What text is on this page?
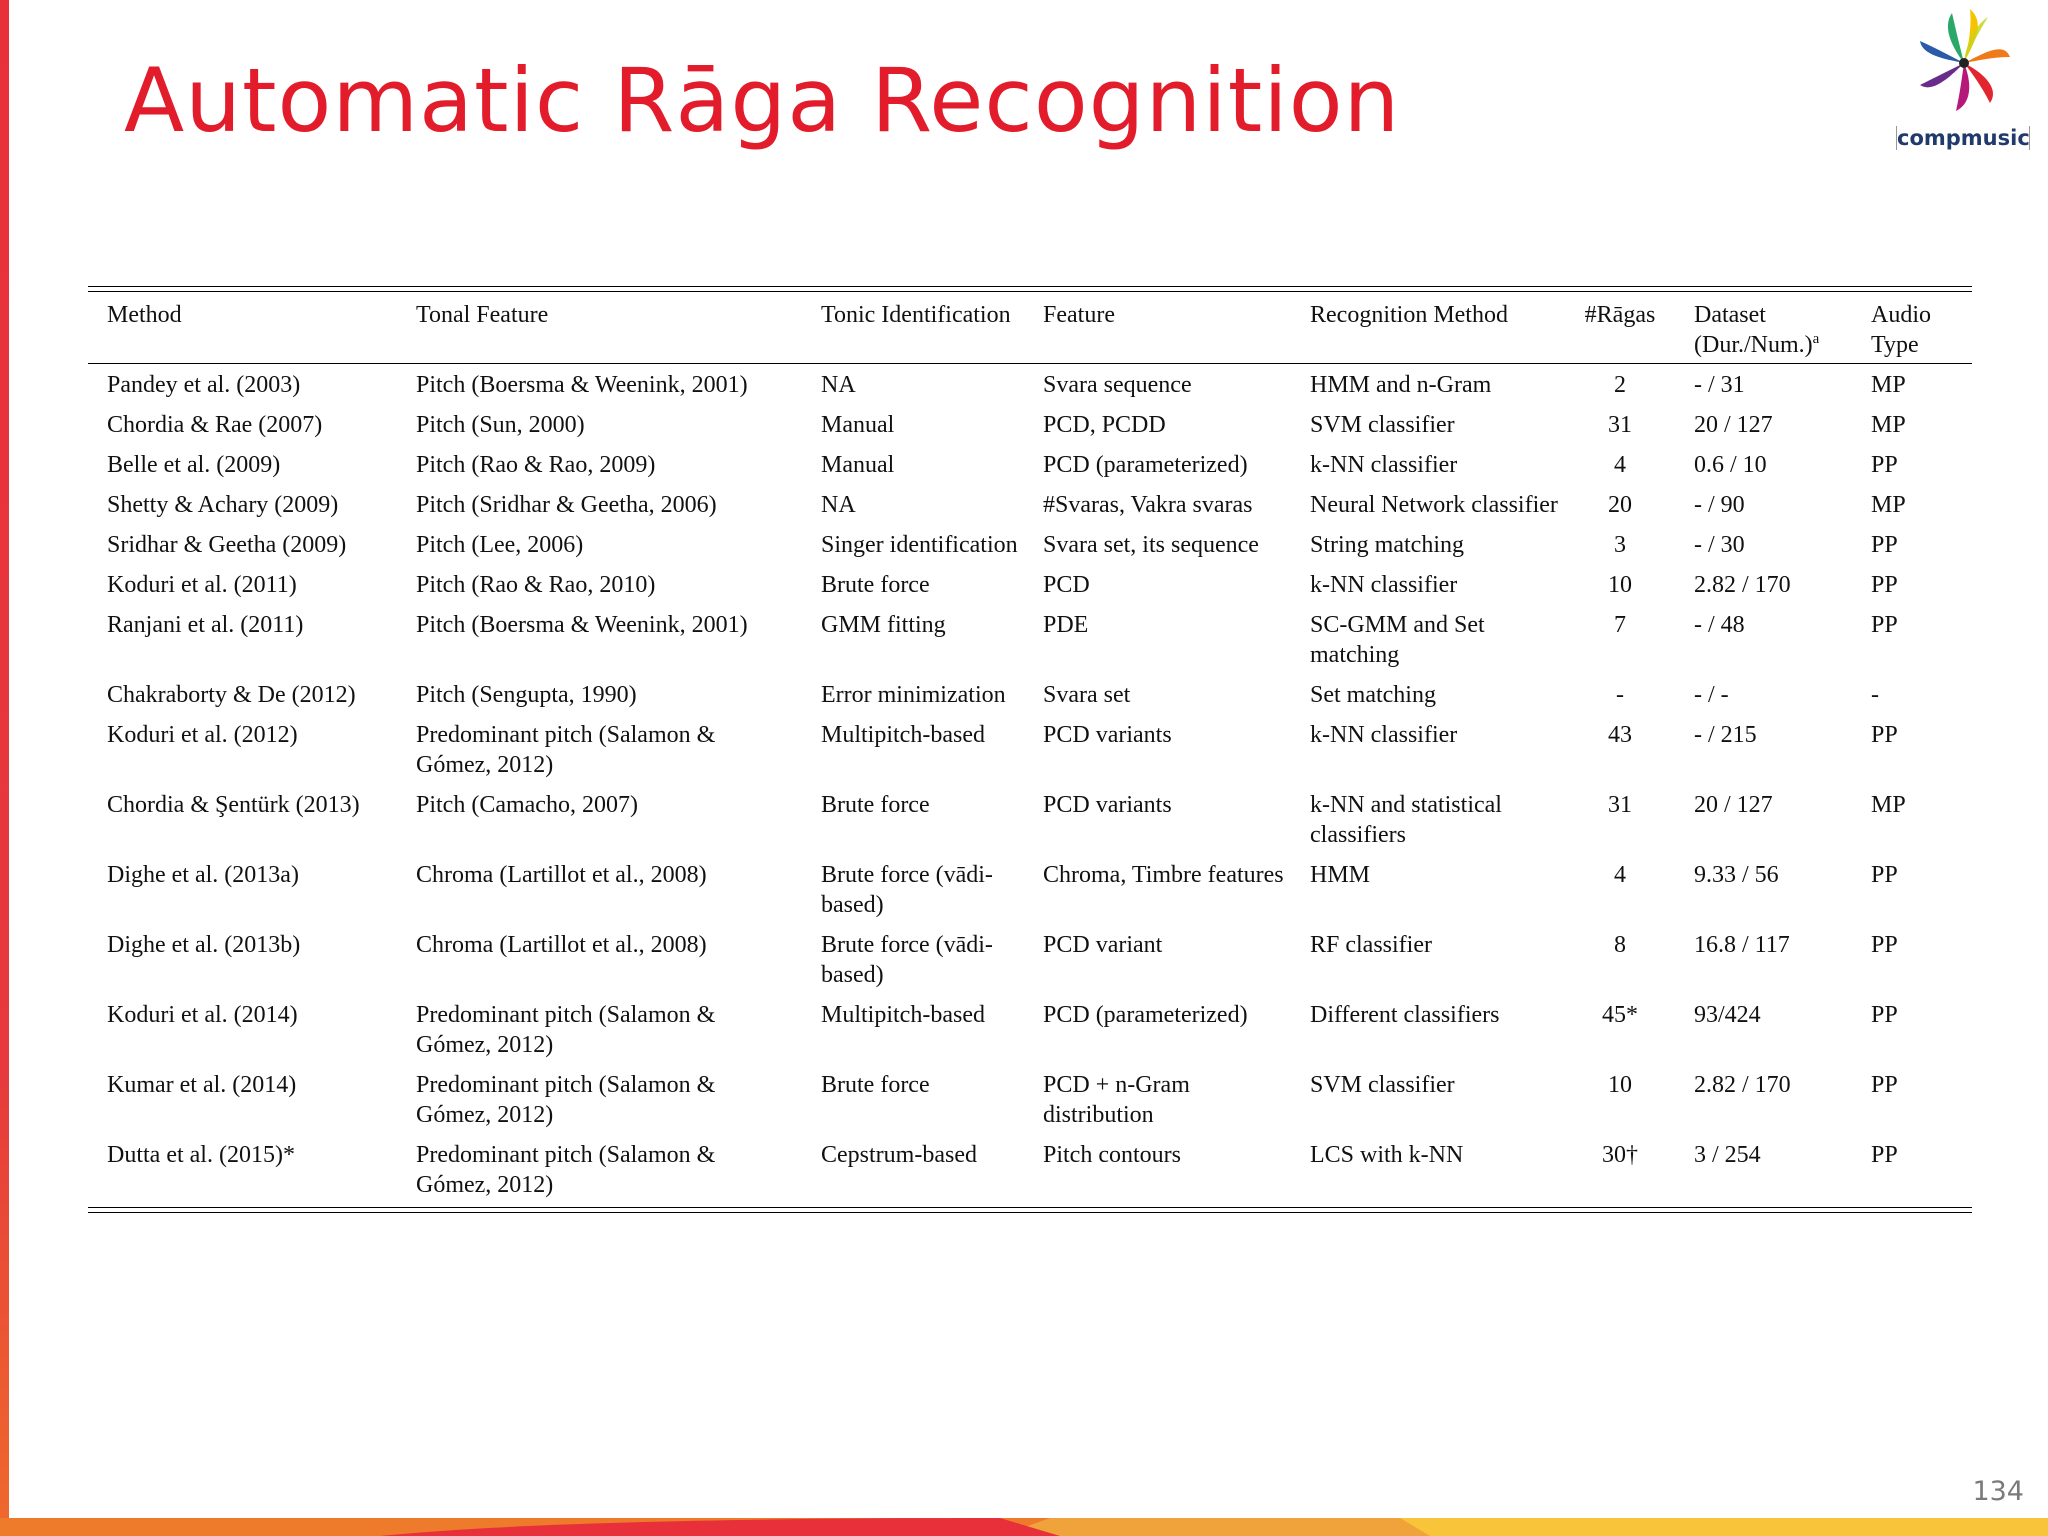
Automatic Rāga Recognition	compmusic
Method	Tonal Feature	Tonic Identification	Feature	Recognition Method	#Rāgas	Dataset $(Dur./Num.)^a$	Audio Type
Pandey et al. (2003)	Pitch (Boersma & Weenink, 2001)	NA	Svara sequence	HMM and n-Gram	2	- / 31	MP
Chordia & Rae (2007)	Pitch (Sun, 2000)	Manual	PCD, PCDD	SVM classifier	31	20 / 127	MP
Belle et al. (2009)	Pitch (Rao & Rao, 2009)	Manual	PCD (parameterized)	k-NN classifier	4	0.6 / 10	PP
Shetty & Achary (2009)	Pitch (Sridhar & Geetha, 2006)	NA	#Svaras, Vakra svaras	Neural Network classifier	20	- / 90	MP
Sridhar & Geetha (2009)	Pitch (Lee, 2006)	Singer identification	Svara set, its sequence	String matching	3	- / 30	PP
Koduri et al. (2011)	Pitch (Rao & Rao, 2010)	Brute force	PCD	k-NN classifier	10	2.82 / 170	PP
Ranjani et al. (2011)	Pitch (Boersma & Weenink, 2001)	GMM fitting	PDE	SC-GMM and Set matching	7	- / 48	PP
Chakraborty & De (2012)	Pitch (Sengupta, 1990)	Error minimization	Svara set	Set matching	-	- / -	-
Koduri et al. (2012)	Predominant pitch (Salamon & Gómez, 2012)	Multipitch-based	PCD variants	k-NN classifier	43	- / 215	PP
Chordia & Şentürk (2013)	Pitch (Camacho, 2007)	Brute force	PCD variants	k-NN and statistical classifiers	31	20 / 127	MP
Dighe et al. (2013a)	Chroma (Lartillot et al., 2008)	Brute force (vādi-based)	Chroma, Timbre features	HMM	4	9.33 / 56	PP
Dighe et al. (2013b)	Chroma (Lartillot et al., 2008)	Brute force (vādi-based)	PCD variant	RF classifier	8	16.8 / 117	PP
Koduri et al. (2014)	Predominant pitch (Salamon & Gómez, 2012)	Multipitch-based	PCD (parameterized)	Different classifiers	45*	93/424	PP
Kumar et al. (2014)	Predominant pitch (Salamon & Gómez, 2012)	Brute force	PCD + n-Gram distribution	SVM classifier	10	2.82 / 170	PP
Dutta et al. (2015)*	Predominant pitch (Salamon & Gómez, 2012)	Cepstrum-based	Pitch contours	LCS with k-NN	30†	3 / 254	PP
134
